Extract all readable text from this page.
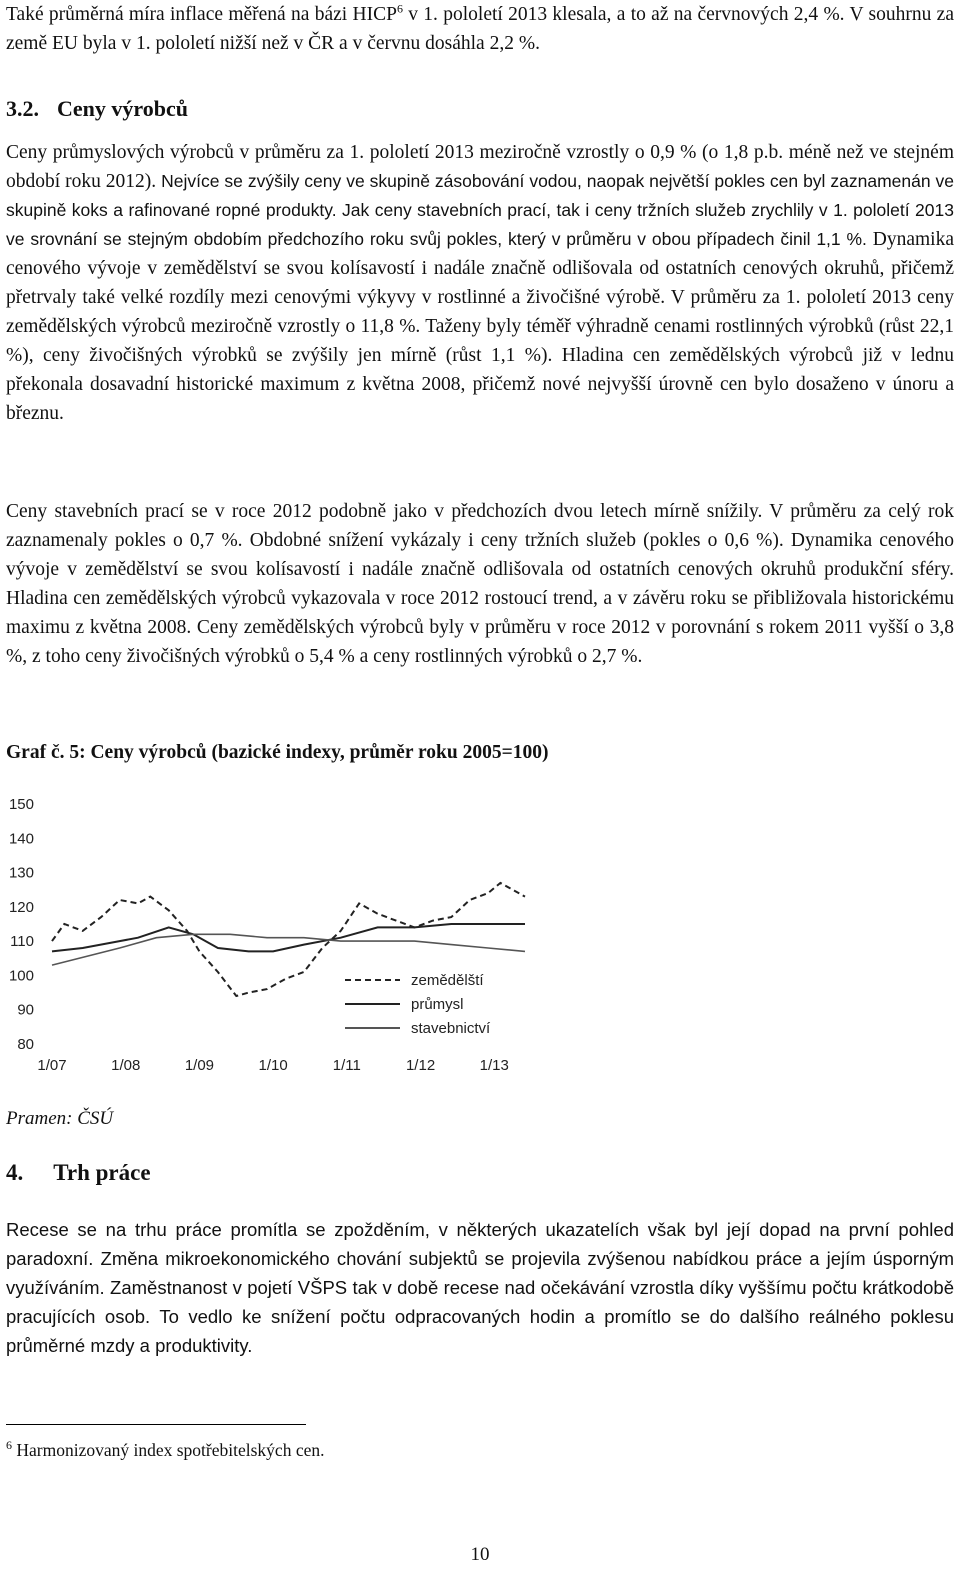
Také průměrná míra inflace měřená na bázi HICP$^6$ v 1. pololetí 2013 klesala, a to až na červnových 2,4 %. V souhrnu za země EU byla v 1. pololetí nižší než v ČR a v červnu dosáhla 2,2 %.

3.2. Ceny výrobců

Ceny průmyslových výrobců v průměru za 1. pololetí 2013 meziročně vzrostly o 0,9 % (o 1,8 p.b. méně než ve stejném období roku 2012). Nejvíce se zvýšily ceny ve skupině zásobování vodou, naopak největší pokles cen byl zaznamenán ve skupině koks a rafinované ropné produkty. Jak ceny stavebních prací, tak i ceny tržních služeb zrychlily v 1. pololetí 2013 ve srovnání se stejným obdobím předchozího roku svůj pokles, který v průměru v obou případech činil 1,1 %. Dynamika cenového vývoje v zemědělství se svou kolísavostí i nadále značně odlišovala od ostatních cenových okruhů, přičemž přetrvaly také velké rozdíly mezi cenovými výkyvy v rostlinné a živočišné výrobě. V průměru za 1. pololetí 2013 ceny zemědělských výrobců meziročně vzrostly o 11,8 %. Taženy byly téměř výhradně cenami rostlinných výrobků (růst 22,1 %), ceny živočišných výrobků se zvýšily jen mírně (růst 1,1 %). Hladina cen zemědělských výrobců již v lednu překonala dosavadní historické maximum z května 2008, přičemž nové nejvyšší úrovně cen bylo dosaženo v únoru a březnu.

Ceny stavebních prací se v roce 2012 podobně jako v předchozích dvou letech mírně snížily. V průměru za celý rok zaznamenaly pokles o 0,7 %. Obdobné snížení vykázaly i ceny tržních služeb (pokles o 0,6 %). Dynamika cenového vývoje v zemědělství se svou kolísavostí i nadále značně odlišovala od ostatních cenových okruhů produkční sféry. Hladina cen zemědělských výrobců vykazovala v roce 2012 rostoucí trend, a v závěru roku se přibližovala historickému maximu z května 2008. Ceny zemědělských výrobců byly v průměru v roce 2012 v porovnání s rokem 2011 vyšší o 3,8 %, z toho ceny živočišných výrobků o 5,4 % a ceny rostlinných výrobků o 2,7 %.

Graf č. 5: Ceny výrobců (bazické indexy, průměr roku 2005=100)

150
140
130
120
110
100
90
80
1/07	1/08	1/09	1/10	1/11	1/12	1/13
zemědělští
průmysl
stavebnictví
Pramen: ČSÚ
4. Trh práce

Recese se na trhu práce promítla se zpožděním, v některých ukazatelích však byl její dopad na první pohled paradoxní. Změna mikroekonomického chování subjektů se projevila zvýšenou nabídkou práce a jejím úsporným využíváním. Zaměstnanost v pojetí VŠPS tak v době recese nad očekávání vzrostla díky vyššímu počtu krátkodobě pracujících osob. To vedlo ke snížení počtu odpracovaných hodin a promítlo se do dalšího reálného poklesu průměrné mzdy a produktivity.

$^6$ Harmonizovaný index spotřebitelských cen.
10
